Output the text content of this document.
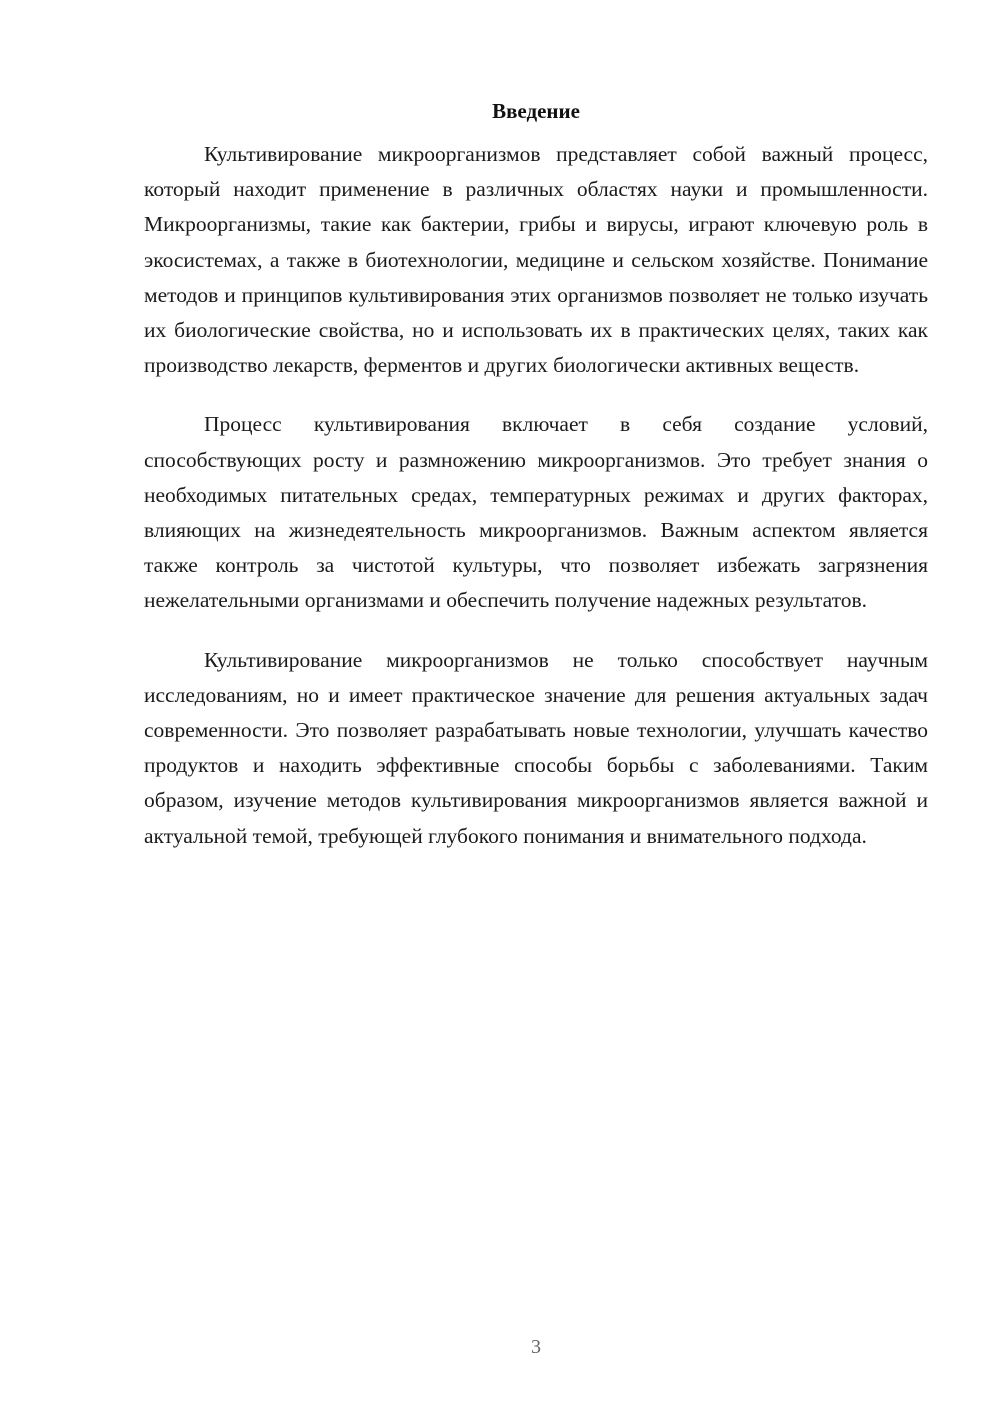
Введение

Культивирование микроорганизмов представляет собой важный процесс, который находит применение в различных областях науки и промышленности. Микроорганизмы, такие как бактерии, грибы и вирусы, играют ключевую роль в экосистемах, а также в биотехнологии, медицине и сельском хозяйстве. Понимание методов и принципов культивирования этих организмов позволяет не только изучать их биологические свойства, но и использовать их в практических целях, таких как производство лекарств, ферментов и других биологически активных веществ.

Процесс культивирования включает в себя создание условий, способствующих росту и размножению микроорганизмов. Это требует знания о необходимых питательных средах, температурных режимах и других факторах, влияющих на жизнедеятельность микроорганизмов. Важным аспектом является также контроль за чистотой культуры, что позволяет избежать загрязнения нежелательными организмами и обеспечить получение надежных результатов.

Культивирование микроорганизмов не только способствует научным исследованиям, но и имеет практическое значение для решения актуальных задач современности. Это позволяет разрабатывать новые технологии, улучшать качество продуктов и находить эффективные способы борьбы с заболеваниями. Таким образом, изучение методов культивирования микроорганизмов является важной и актуальной темой, требующей глубокого понимания и внимательного подхода.

3
